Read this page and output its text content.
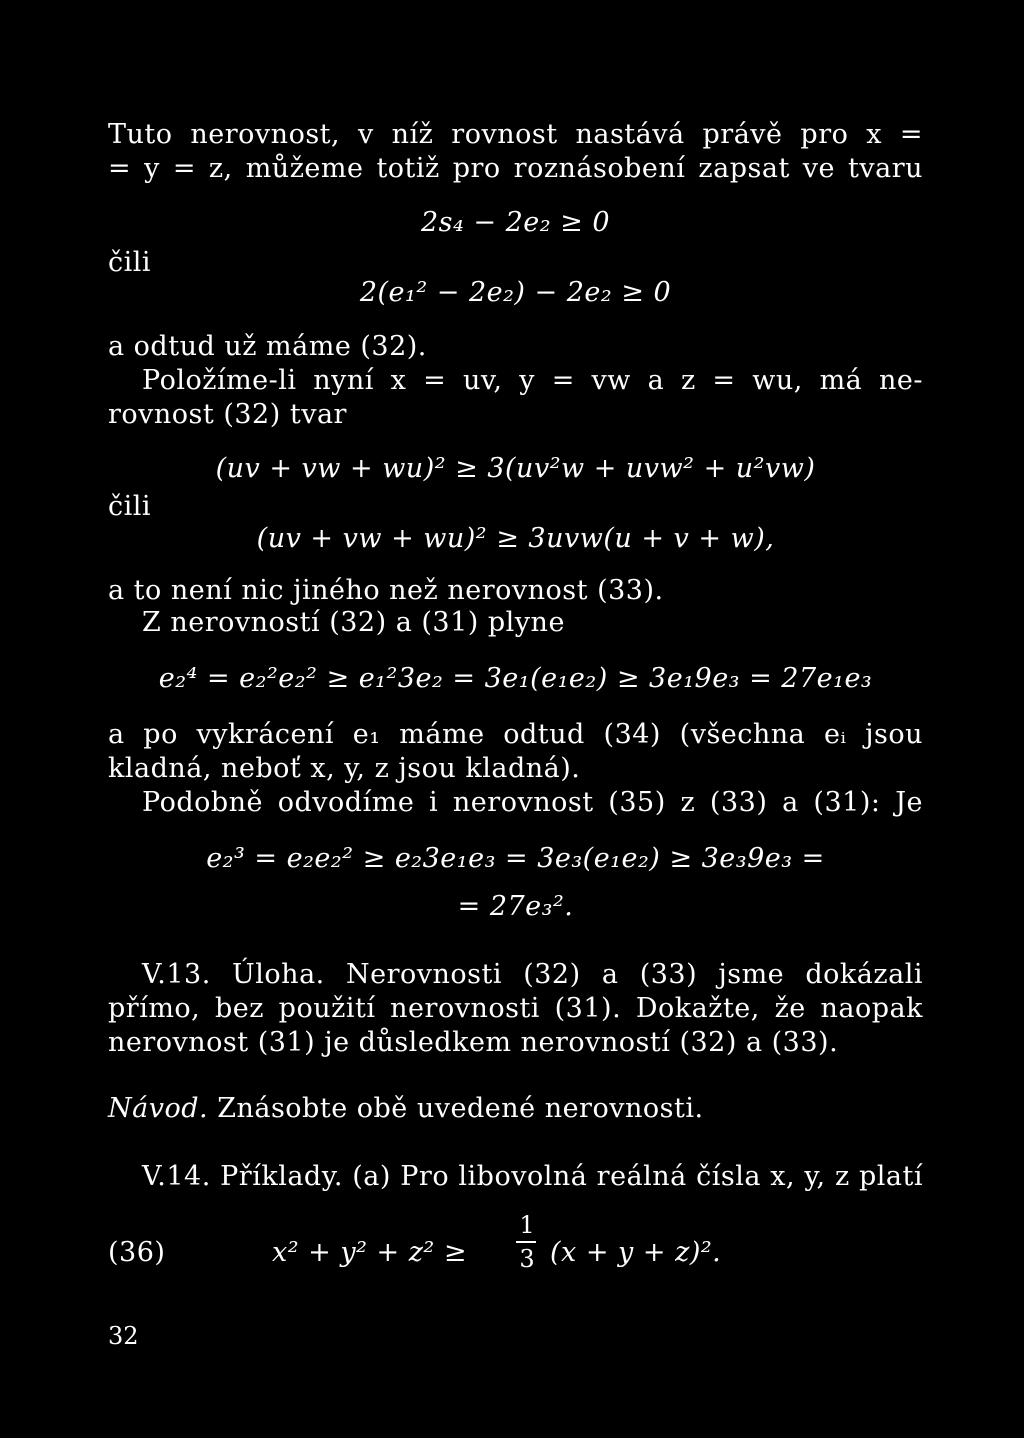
Tuto nerovnost, v níž rovnost nastává právě pro x =
= y = z, můžeme totiž pro roznásobení zapsat ve tvaru
2s₄ − 2e₂ ≥ 0
čili
2(e₁² − 2e₂) − 2e₂ ≥ 0
a odtud už máme (32).
Položíme-li nyní x = uv, y = vw a z = wu, má ne-
rovnost (32) tvar
(uv + vw + wu)² ≥ 3(uv²w + uvw² + u²vw)
čili
(uv + vw + wu)² ≥ 3uvw(u + v + w),
a to není nic jiného než nerovnost (33).
Z nerovností (32) a (31) plyne
e₂⁴ = e₂²e₂² ≥ e₁²3e₂ = 3e₁(e₁e₂) ≥ 3e₁9e₃ = 27e₁e₃
a po vykrácení e₁ máme odtud (34) (všechna eᵢ jsou
kladná, neboť x, y, z jsou kladná).
Podobně odvodíme i nerovnost (35) z (33) a (31): Je
e₂³ = e₂e₂² ≥ e₂3e₁e₃ = 3e₃(e₁e₂) ≥ 3e₃9e₃ =
= 27e₃².
V.13. Úloha. Nerovnosti (32) a (33) jsme dokázali
přímo, bez použití nerovnosti (31). Dokažte, že naopak
nerovnost (31) je důsledkem nerovností (32) a (33).
Návod. Znásobte obě uvedené nerovnosti.
V.14. Příklady. (a) Pro libovolná reálná čísla x, y, z platí
(36)	x² + y² + z² ≥
1
3 (x + y + z)².
32
